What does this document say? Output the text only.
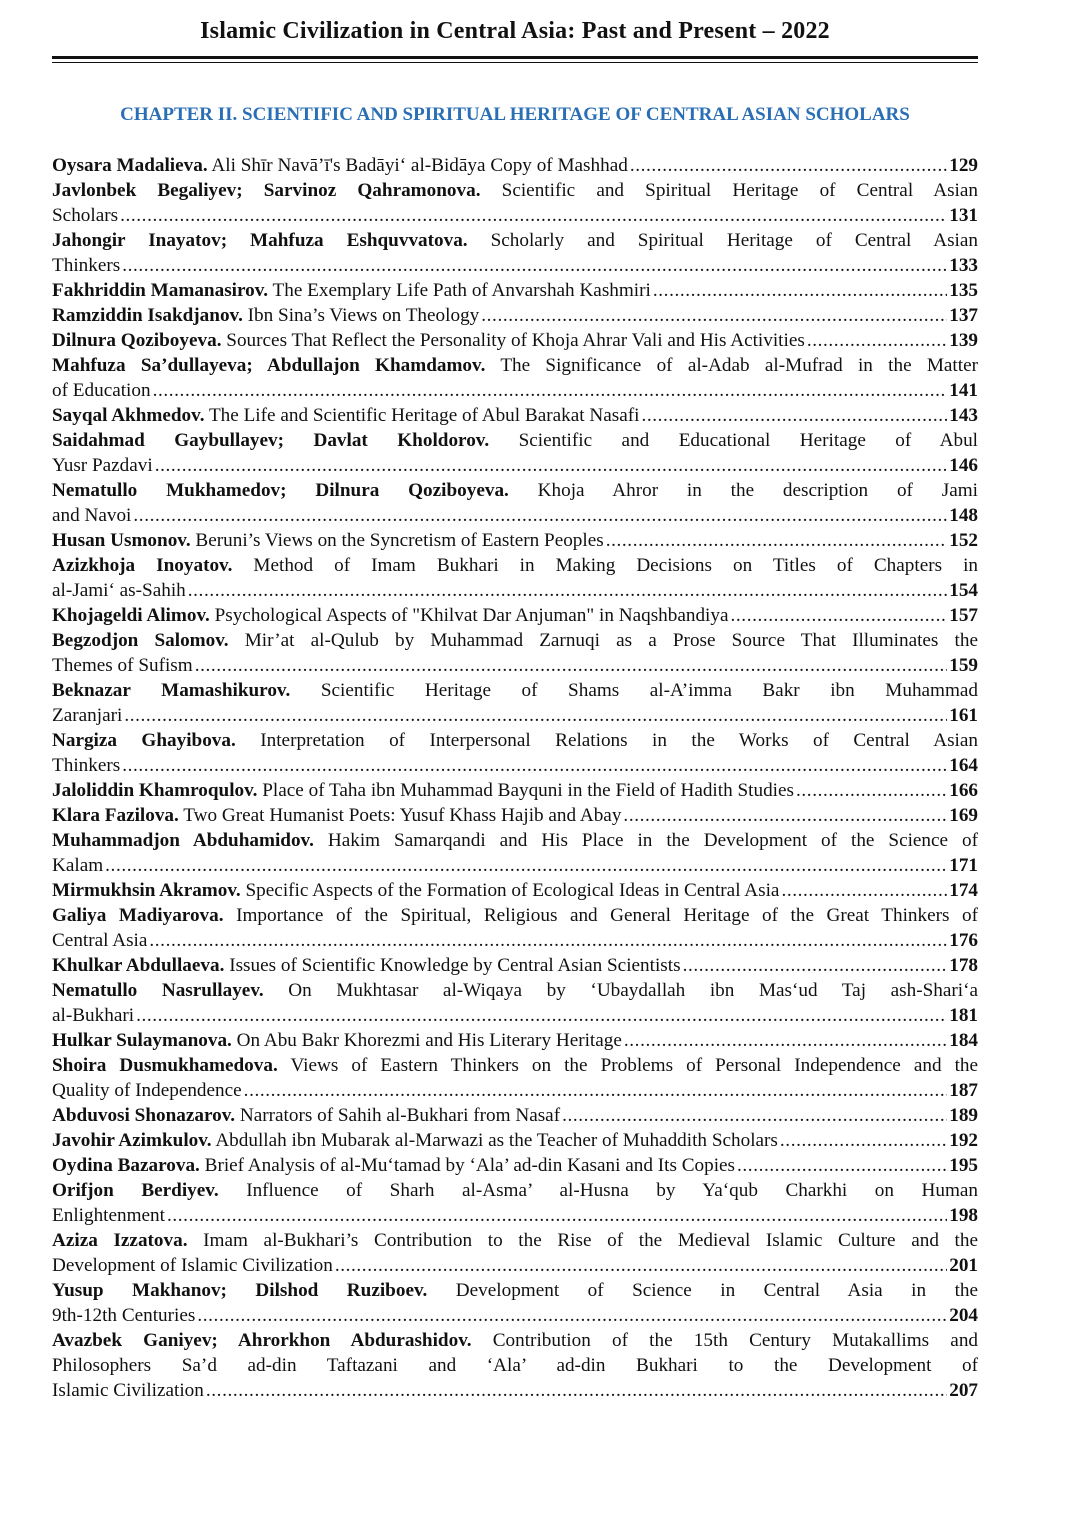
Islamic Civilization in Central Asia: Past and Present – 2022
CHAPTER II. SCIENTIFIC AND SPIRITUAL HERITAGE OF CENTRAL ASIAN SCHOLARS
Oysara Madalieva. Ali Shīr Navā’ī's Badāyi‘ al-Bidāya Copy of Mashhad .....	129
Javlonbek Begaliyev; Sarvinoz Qahramonova. Scientific and Spiritual Heritage of Central Asian
Scholars .....	131
Jahongir Inayatov; Mahfuza Eshquvvatova. Scholarly and Spiritual Heritage of Central Asian
Thinkers .....	133
Fakhriddin Mamanasirov. The Exemplary Life Path of Anvarshah Kashmiri .....	135
Ramziddin Isakdjanov. Ibn Sina’s Views on Theology .....	137
Dilnura Qoziboyeva. Sources That Reflect the Personality of Khoja Ahrar Vali and His Activities .....	139
Mahfuza Sa’dullayeva; Abdullajon Khamdamov. The Significance of al-Adab al-Mufrad in the Matter
of Education .....	141
Sayqal Akhmedov. The Life and Scientific Heritage of Abul Barakat Nasafi .....	143
Saidahmad Gaybullayev; Davlat Kholdorov. Scientific and Educational Heritage of Abul
Yusr Pazdavi .....	146
Nematullo Mukhamedov; Dilnura Qoziboyeva. Khoja Ahror in the description of Jami
and Navoi .....	148
Husan Usmonov. Beruni’s Views on the Syncretism of Eastern Peoples .....	152
Azizkhoja Inoyatov. Method of Imam Bukhari in Making Decisions on Titles of Chapters in
al-Jami‘ as-Sahih .....	154
Khojageldi Alimov. Psychological Aspects of "Khilvat Dar Anjuman" in Naqshbandiya .....	157
Begzodjon Salomov. Mir’at al-Qulub by Muhammad Zarnuqi as a Prose Source That Illuminates the
Themes of Sufism .....	159
Beknazar Mamashikurov. Scientific Heritage of Shams al-A’imma Bakr ibn Muhammad
Zaranjari .....	161
Nargiza Ghayibova. Interpretation of Interpersonal Relations in the Works of Central Asian
Thinkers .....	164
Jaloliddin Khamroqulov. Place of Taha ibn Muhammad Bayquni in the Field of Hadith Studies .....	166
Klara Fazilova. Two Great Humanist Poets: Yusuf Khass Hajib and Abay .....	169
Muhammadjon Abduhamidov. Hakim Samarqandi and His Place in the Development of the Science of
Kalam .....	171
Mirmukhsin Akramov. Specific Aspects of the Formation of Ecological Ideas in Central Asia .....	174
Galiya Madiyarova. Importance of the Spiritual, Religious and General Heritage of the Great Thinkers of
Central Asia .....	176
Khulkar Abdullaeva. Issues of Scientific Knowledge by Central Asian Scientists .....	178
Nematullo Nasrullayev. On Mukhtasar al-Wiqaya by ‘Ubaydallah ibn Mas‘ud Taj ash-Shari‘a
al-Bukhari .....	181
Hulkar Sulaymanova. On Abu Bakr Khorezmi and His Literary Heritage .....	184
Shoira Dusmukhamedova. Views of Eastern Thinkers on the Problems of Personal Independence and the
Quality of Independence .....	187
Abduvosi Shonazarov. Narrators of Sahih al-Bukhari from Nasaf .....	189
Javohir Azimkulov. Abdullah ibn Mubarak al-Marwazi as the Teacher of Muhaddith Scholars .....	192
Oydina Bazarova. Brief Analysis of al-Mu‘tamad by ‘Ala’ ad-din Kasani and Its Copies .....	195
Orifjon Berdiyev. Influence of Sharh al-Asma’ al-Husna by Ya‘qub Charkhi on Human
Enlightenment .....	198
Aziza Izzatova. Imam al-Bukhari’s Contribution to the Rise of the Medieval Islamic Culture and the
Development of Islamic Civilization .....	201
Yusup Makhanov; Dilshod Ruziboev. Development of Science in Central Asia in the
9th-12th Centuries .....	204
Avazbek Ganiyev; Ahrorkhon Abdurashidov. Contribution of the 15th Century Mutakallims and
Philosophers Sa’d ad-din Taftazani and ‘Ala’ ad-din Bukhari to the Development of
Islamic Civilization .....	207
